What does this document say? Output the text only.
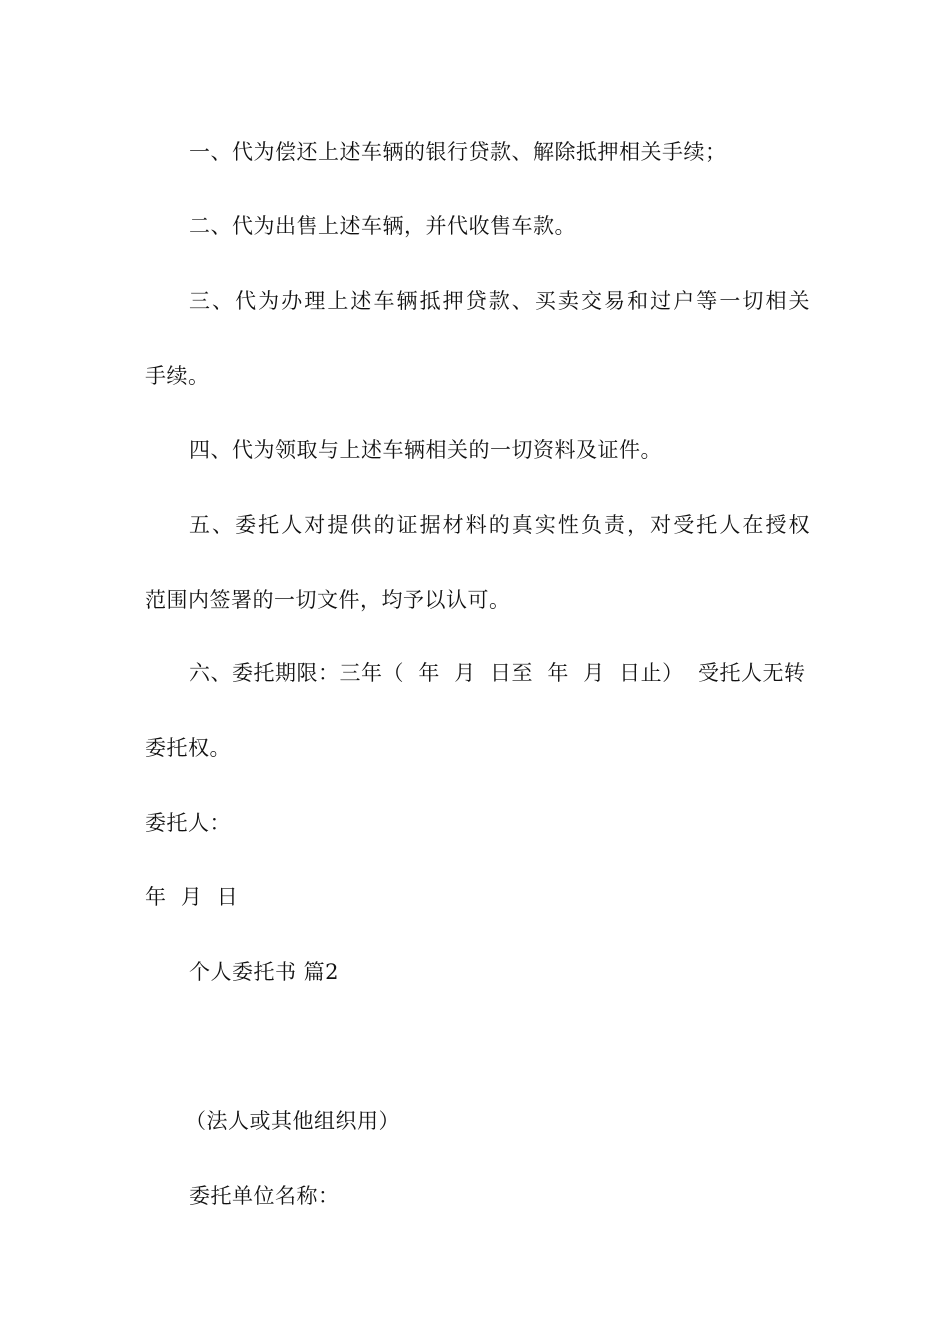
一、代为偿还上述车辆的银行贷款、解除抵押相关手续；
二、代为出售上述车辆，并代收售车款。
三、代为办理上述车辆抵押贷款、买卖交易和过户等一切相关
手续。
四、代为领取与上述车辆相关的一切资料及证件。
五、委托人对提供的证据材料的真实性负责，对受托人在授权
范围内签署的一切文件，均予以认可。
六、委托期限：三年（  年  月  日至  年  月  日止）  受托人无转
委托权。
委托人：
年  月  日
个人委托书 篇2
（法人或其他组织用）
委托单位名称：
